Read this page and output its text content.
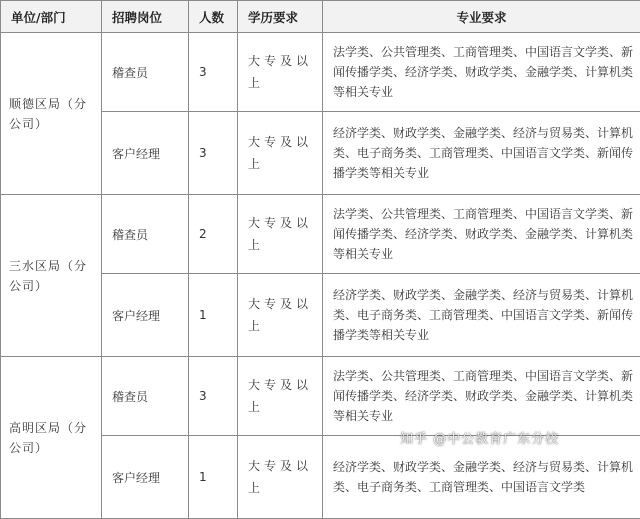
单位/部门	招聘岗位	人数	学历要求	专业要求
顺德区局（分公司）	稽查员	3	大专及以上	法学类、公共管理类、工商管理类、中国语言文学类、新闻传播学类、经济学类、财政学类、金融学类、计算机类等相关专业
	客户经理	3	大专及以上	经济学类、财政学类、金融学类、经济与贸易类、计算机类、电子商务类、工商管理类、中国语言文学类、新闻传播学类等相关专业
三水区局（分公司）	稽查员	2	大专及以上	法学类、公共管理类、工商管理类、中国语言文学类、新闻传播学类、经济学类、财政学类、金融学类、计算机类等相关专业
	客户经理	1	大专及以上	经济学类、财政学类、金融学类、经济与贸易类、计算机类、电子商务类、工商管理类、中国语言文学类、新闻传播学类等相关专业
高明区局（分公司）	稽查员	3	大专及以上	法学类、公共管理类、工商管理类、中国语言文学类、新闻传播学类、经济学类、财政学类、金融学类、计算机类等相关专业
	客户经理	1	大专及以上	经济学类、财政学类、金融学类、经济与贸易类、计算机类、电子商务类、工商管理类、中国语言文学类
知乎 @中公教育广东分校
